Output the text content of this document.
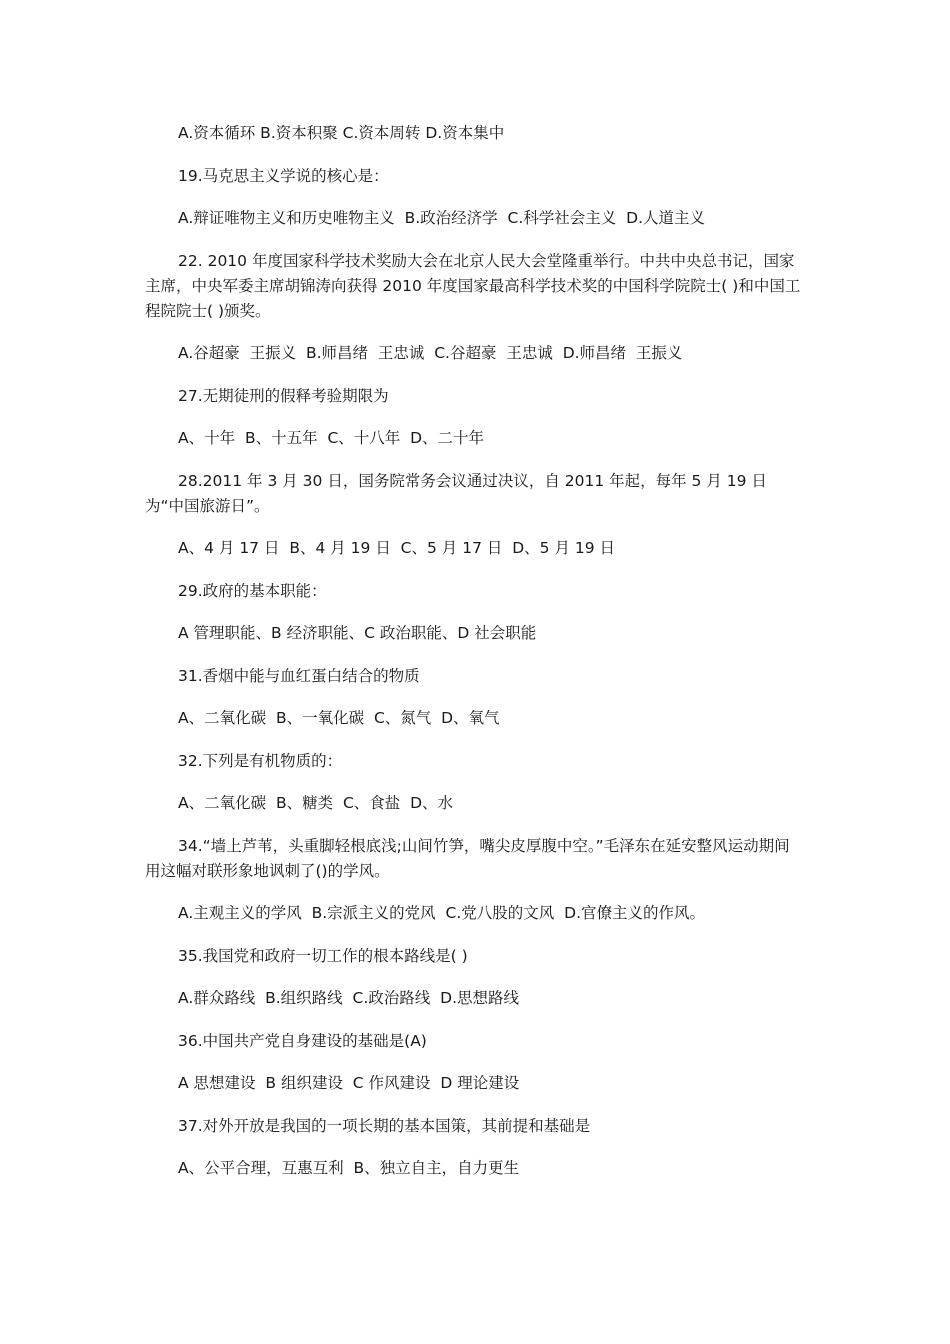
A.资本循环 B.资本积聚 C.资本周转 D.资本集中

19.马克思主义学说的核心是：

A.辩证唯物主义和历史唯物主义  B.政治经济学  C.科学社会主义  D.人道主义

22. 2010 年度国家科学技术奖励大会在北京人民大会堂隆重举行。中共中央总书记，国家主席，中央军委主席胡锦涛向获得 2010 年度国家最高科学技术奖的中国科学院院士( )和中国工程院院士( )颁奖。

A.谷超豪  王振义  B.师昌绪  王忠诚  C.谷超豪  王忠诚  D.师昌绪  王振义

27.无期徒刑的假释考验期限为

A、十年  B、十五年  C、十八年  D、二十年

28.2011 年 3 月 30 日，国务院常务会议通过决议，自 2011 年起，每年 5 月 19 日为“中国旅游日”。

A、4 月 17 日  B、4 月 19 日  C、5 月 17 日  D、5 月 19 日

29.政府的基本职能：

A 管理职能、B 经济职能、C 政治职能、D 社会职能

31.香烟中能与血红蛋白结合的物质

A、二氧化碳  B、一氧化碳  C、氮气  D、氧气

32.下列是有机物质的：

A、二氧化碳  B、糖类  C、食盐  D、水

34.“墙上芦苇，头重脚轻根底浅;山间竹笋，嘴尖皮厚腹中空。”毛泽东在延安整风运动期间用这幅对联形象地讽刺了()的学风。

A.主观主义的学风  B.宗派主义的党风  C.党八股的文风  D.官僚主义的作风。

35.我国党和政府一切工作的根本路线是( )

A.群众路线  B.组织路线  C.政治路线  D.思想路线

36.中国共产党自身建设的基础是(A)

A 思想建设  B 组织建设  C 作风建设  D 理论建设

37.对外开放是我国的一项长期的基本国策，其前提和基础是

A、公平合理，互惠互利  B、独立自主，自力更生
